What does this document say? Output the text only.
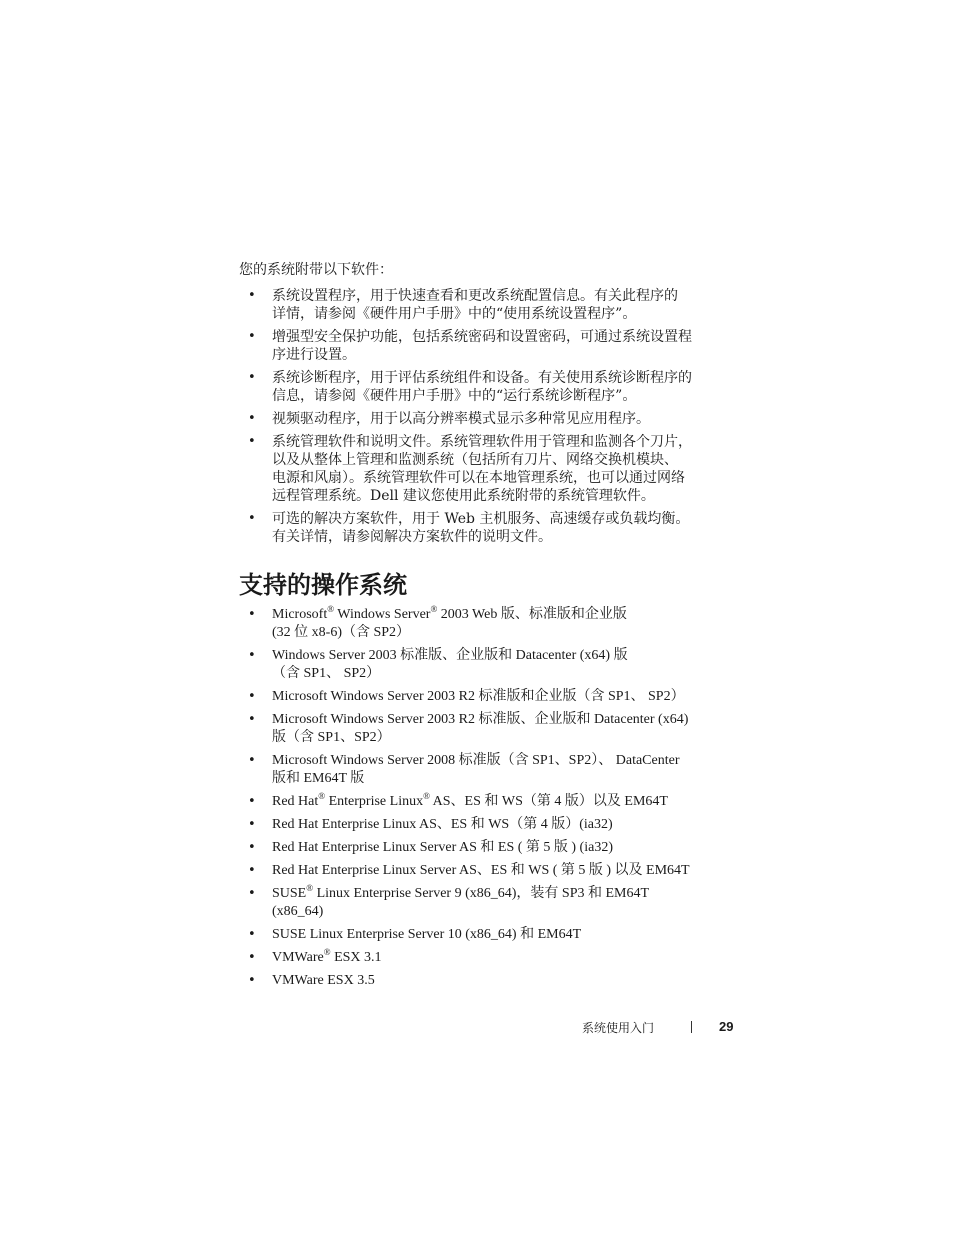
您的系统附带以下软件：
• 系统设置程序，用于快速查看和更改系统配置信息。有关此程序的
详情，请参阅《硬件用户手册》中的“使用系统设置程序”。
• 增强型安全保护功能，包括系统密码和设置密码，可通过系统设置程
序进行设置。
• 系统诊断程序，用于评估系统组件和设备。有关使用系统诊断程序的
信息，请参阅《硬件用户手册》中的“运行系统诊断程序”。
• 视频驱动程序，用于以高分辨率模式显示多种常见应用程序。
• 系统管理软件和说明文件。系统管理软件用于管理和监测各个刀片，
以及从整体上管理和监测系统（包括所有刀片、网络交换机模块、
电源和风扇）。系统管理软件可以在本地管理系统，也可以通过网络
远程管理系统。Dell 建议您使用此系统附带的系统管理软件。
• 可选的解决方案软件，用于 Web 主机服务、高速缓存或负载均衡。
有关详情，请参阅解决方案软件的说明文件。
支持的操作系统
• Microsoft® Windows Server® 2003 Web 版、标准版和企业版
(32 位 x8-6)（含 SP2）
• Windows Server 2003 标准版、企业版和 Datacenter (x64) 版
（含 SP1、 SP2）
• Microsoft Windows Server 2003 R2 标准版和企业版（含 SP1、 SP2）
• Microsoft Windows Server 2003 R2 标准版、企业版和 Datacenter (x64)
版（含 SP1、SP2）
• Microsoft Windows Server 2008 标准版（含 SP1、SP2）、 DataCenter
版和 EM64T 版
• Red Hat® Enterprise Linux® AS、ES 和 WS（第 4 版）以及 EM64T
• Red Hat Enterprise Linux AS、ES 和 WS（第 4 版）(ia32)
• Red Hat Enterprise Linux Server AS 和 ES ( 第 5 版 ) (ia32)
• Red Hat Enterprise Linux Server AS、ES 和 WS ( 第 5 版 ) 以及 EM64T
• SUSE® Linux Enterprise Server 9 (x86_64)，装有 SP3 和 EM64T
(x86_64)
• SUSE Linux Enterprise Server 10 (x86_64) 和 EM64T
• VMWare® ESX 3.1
• VMWare ESX 3.5
系统使用入门	29
